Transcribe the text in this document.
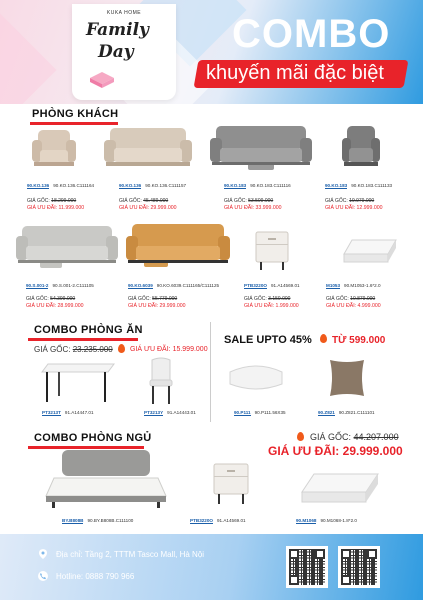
KUKA HOME
Family
Day COMBO
khuyến mãi đặc biệt
PHÒNG KHÁCH
90.KO.136 90.KO.136.C111164
GIÁ GỐC: 18.299.000
GIÁ ƯU ĐÃI: 11.999.000
90.KO.136 90.KO.136.C111157
GIÁ GỐC: 45.489.000
GIÁ ƯU ĐÃI: 29.999.000
90.KO.183 90.KO.183.C111116
GIÁ GỐC: 53.509.000
GIÁ ƯU ĐÃI: 33.999.000
90.KO.183 90.KO.183.C111133
GIÁ GỐC: 19.979.000
GIÁ ƯU ĐÃI: 12.999.000
90.S.001-2 90.S.001-2.C111105
GIÁ GỐC: 54.399.000
GIÁ ƯU ĐÃI: 28.999.000
90.KO.6039 90.KO.6039.C111165/C111125
GIÁ GỐC: 55.779.000
GIÁ ƯU ĐÃI: 29.999.000
PTB3220O 91.A14569.01
GIÁ GỐC: 3.159.000
GIÁ ƯU ĐÃI: 1.999.000
M1053 90.M1053-1.6*2.0
GIÁ GỐC: 10.879.000
GIÁ ƯU ĐÃI: 4.999.000
COMBO PHÒNG ĂN
GIÁ GỐC: 23.235.000 GIÁ ƯU ĐÃI: 15.999.000
PT3213T 91.A14447.01	PT3213Y 91.A14443.01
SALE UPTO 45% TỪ 599.000
90.P111 90.P111.56X35	90.Z821 90.Z821.C111101
COMBO PHÒNG NGỦ	GIÁ GỐC: 44.207.000
GIÁ ƯU ĐÃI: 29.999.000
BY.B808B 90.BY.B808B.C111100	PTB3220O 91.A14569.01	90.M1068 90.M1068-1.8*2.0
Địa chỉ: Tầng 2, TTTM Tasco Mall, Hà Nội
Hotline: 0888 790 966
